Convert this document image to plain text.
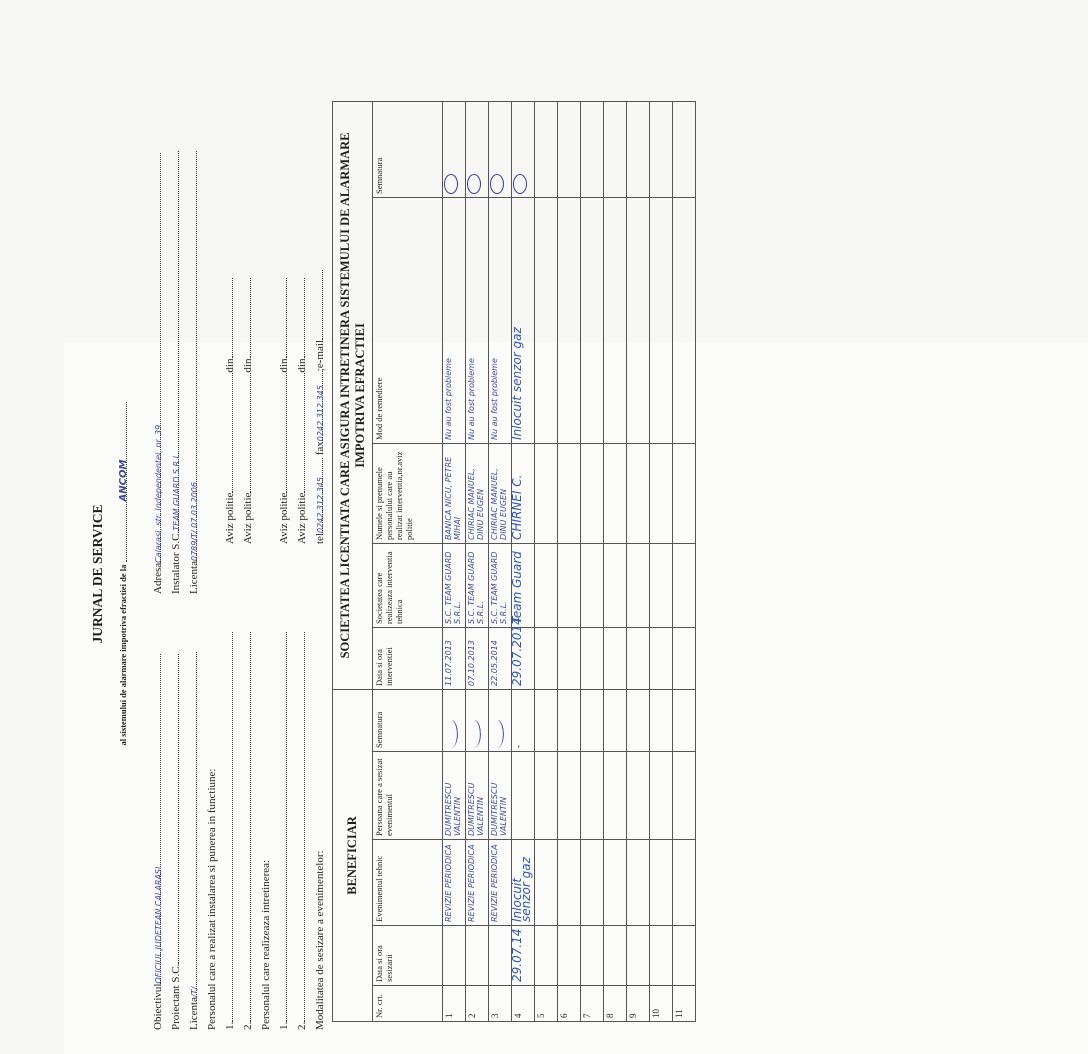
JURNAL DE SERVICE al sistemului de alarmare impotriva efractiei de la ANCOM
ObiectivulOFICIUL JUDETEAN CALARASI
Proiectant S.C. Licenta/T/
AdresaCalarasi, str. Independentei, nr. 39 Instalator S.C.TEAM GUARD S.R.L.
Licenta0789/T/ 07.03.2006
Personalul care a realizat instalarea si punerea in functiune: 1. 2.
Aviz politiedin
Aviz politiedin
Personalul care realizeaza intretinerea: 1. 2.
Aviz politiedin
Aviz politiedin
Modalitatea de sesizare a evenimentelor:
tel0242.312.345 fax0242.312.345;e-mail
BENEFICIAR					SOCIETATEA LICENTIATA CARE ASIGURA INTRETINERA SISTEMULUI DE ALARMARE IMPOTRIVA EFRACTIEI				
Nr. crt.	Data si ora sesizarii	Evenimentul tehnic	Persoana care a sesizat evenimentul	Semnatura	Data si ora interventiei	Societatea care realizeaza interventia tehnica	Numele si prenumele personalului care au realizat interventia,nr.aviz politie	Mod de remediere	Semnatura
1		REVIZIE PERIODICA	DUMITRESCU VALENTIN		11.07.2013	S.C. TEAM GUARD S.R.L.	BANICA NICU, PETRE MIHAI	Nu au fost probleme	

2		REVIZIE PERIODICA	DUMITRESCU VALENTIN		07.10.2013	S.C. TEAM GUARD S.R.L.	CHIRIAC MANUEL, DINU EUGEN	Nu au fost probleme	

3		REVIZIE PERIODICA	DUMITRESCU VALENTIN		22.05.2014	S.C. TEAM GUARD S.R.L.	CHIRIAC MANUEL, DINU EUGEN	Nu au fost probleme	

4	29.07.14	Inlocuit senzor gaz		-	29.07.2014	Team Guard	CHIRNEI C.	Inlocuit senzor gaz	

5									
6									
7									
8									
9									
10									
11									
